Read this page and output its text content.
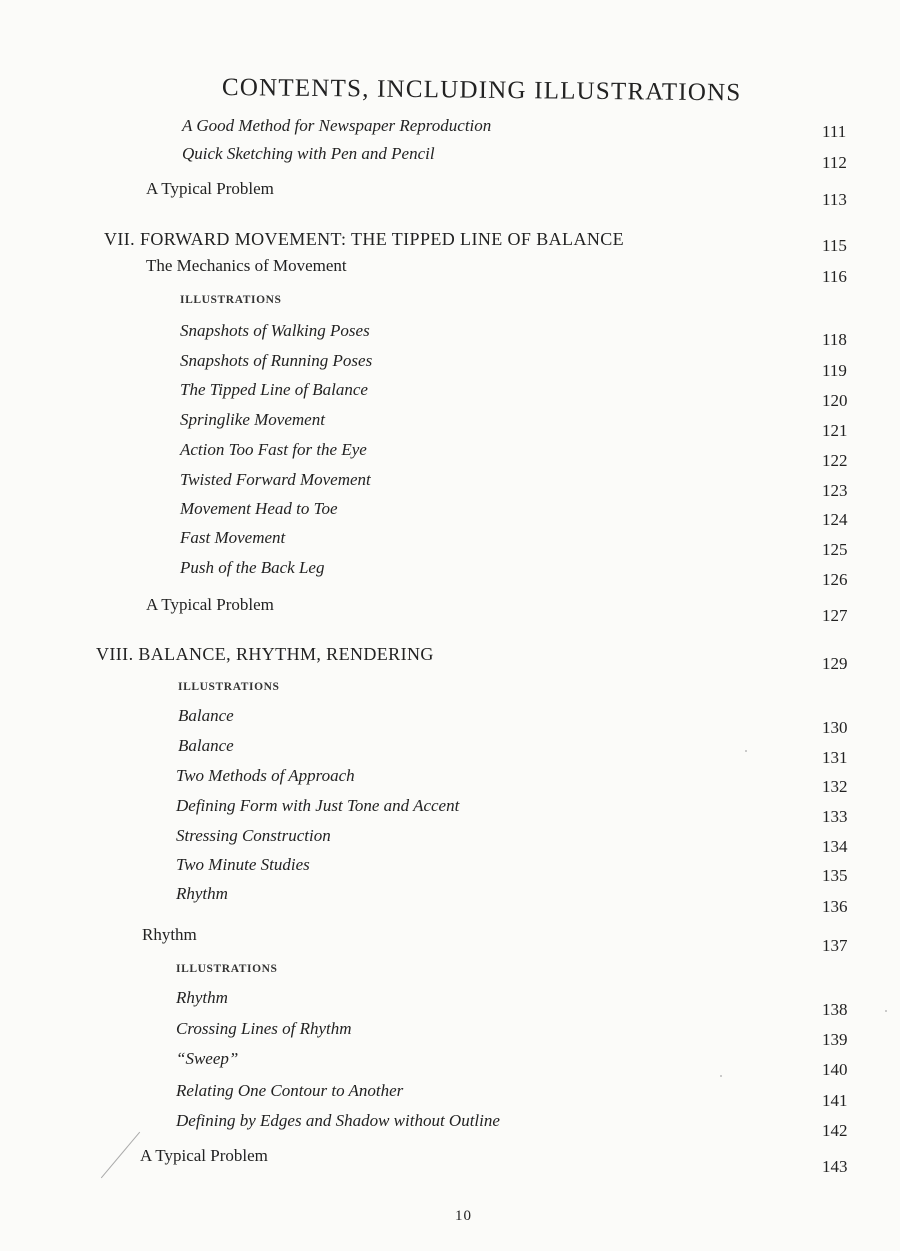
CONTENTS, INCLUDING ILLUSTRATIONS
A Good Method for Newspaper Reproduction
Quick Sketching with Pen and Pencil
A Typical Problem
VII. FORWARD MOVEMENT: THE TIPPED LINE OF BALANCE
The Mechanics of Movement
ILLUSTRATIONS
Snapshots of Walking Poses
Snapshots of Running Poses
The Tipped Line of Balance
Springlike Movement
Action Too Fast for the Eye
Twisted Forward Movement
Movement Head to Toe
Fast Movement
Push of the Back Leg
A Typical Problem
VIII. BALANCE, RHYTHM, RENDERING
ILLUSTRATIONS
Balance
Balance
Two Methods of Approach
Defining Form with Just Tone and Accent
Stressing Construction
Two Minute Studies
Rhythm
Rhythm
ILLUSTRATIONS
Rhythm
Crossing Lines of Rhythm
“Sweep”
Relating One Contour to Another
Defining by Edges and Shadow without Outline
A Typical Problem
111
112
113
115
116
118
119
120
121
122
123
124
125
126
127
129
130
131
132
133
134
135
136
137
138
139
140
141
142
143
10
